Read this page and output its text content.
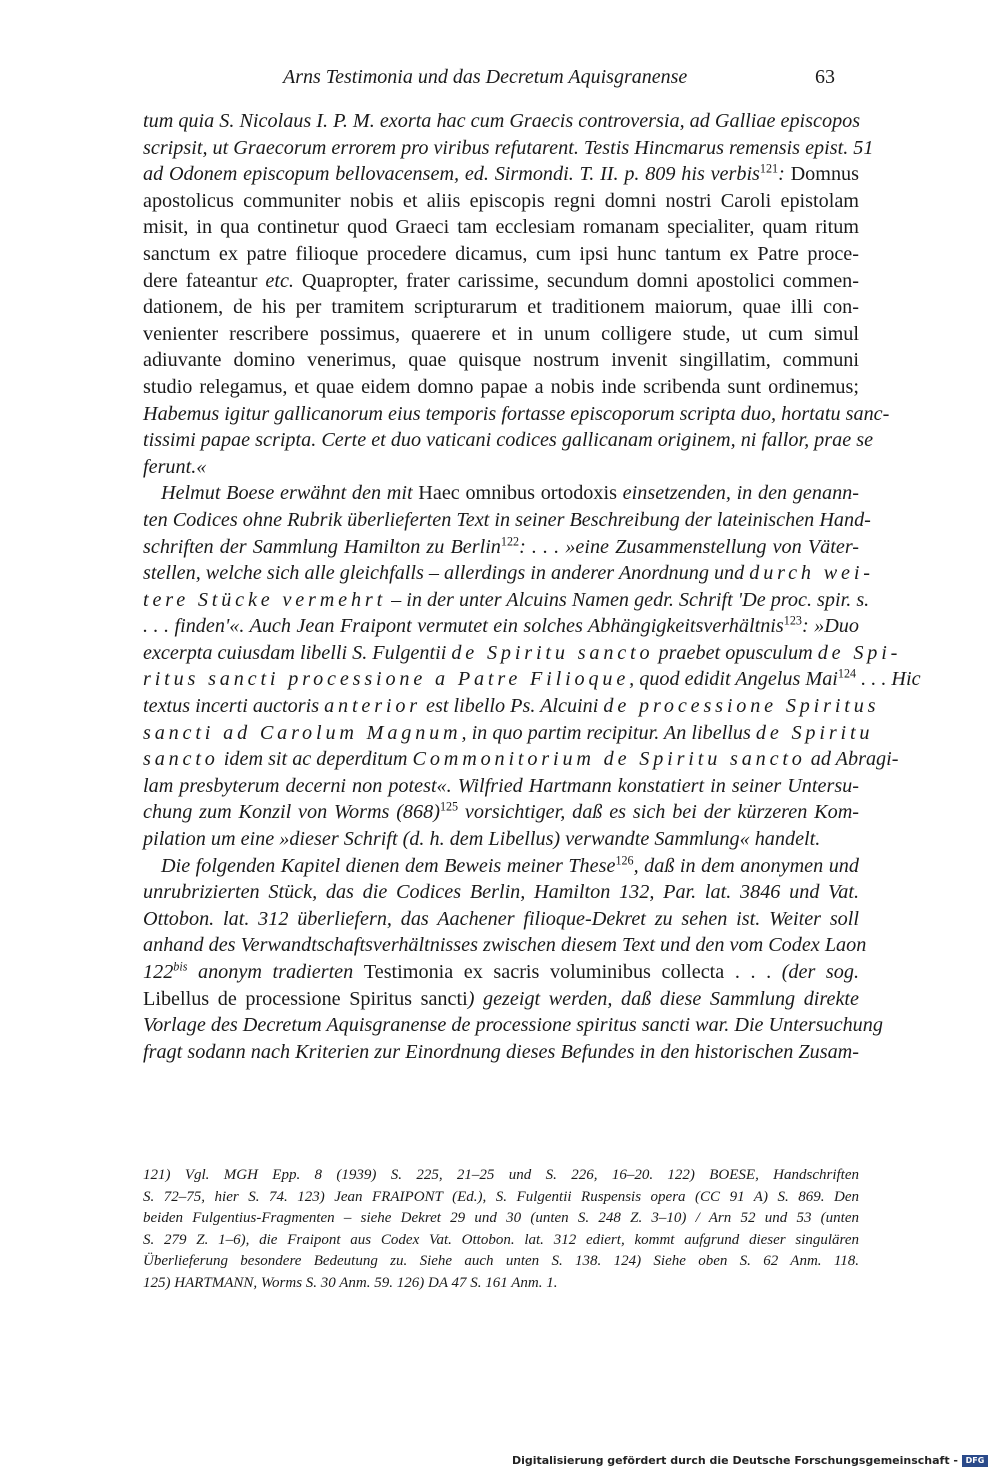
Arns Testimonia und das Decretum Aquisgranense	63
tum quia S. Nicolaus I. P. M. exorta hac cum Graecis controversia, ad Galliae episcopos
scripsit, ut Graecorum errorem pro viribus refutarent. Testis Hincmarus remensis epist. 51
ad Odonem episcopum bellovacensem, ed. Sirmondi. T. II. p. 809 his verbis$^{121}$: Domnus
apostolicus communiter nobis et aliis episcopis regni domni nostri Caroli epistolam
misit, in qua continetur quod Graeci tam ecclesiam romanam specialiter, quam ritum
sanctum ex patre filioque procedere dicamus, cum ipsi hunc tantum ex Patre proce-
dere fateantur etc. Quapropter, frater carissime, secundum domni apostolici commen-
dationem, de his per tramitem scripturarum et traditionem maiorum, quae illi con-
venienter rescribere possimus, quaerere et in unum colligere stude, ut cum simul
adiuvante domino venerimus, quae quisque nostrum invenit singillatim, communi
studio relegamus, et quae eidem domno papae a nobis inde scribenda sunt ordinemus;
Habemus igitur gallicanorum eius temporis fortasse episcoporum scripta duo, hortatu sanc-
tissimi papae scripta. Certe et duo vaticani codices gallicanam originem, ni fallor, prae se
ferunt.«
Helmut Boese erwähnt den mit Haec omnibus ortodoxis einsetzenden, in den genann-
ten Codices ohne Rubrik überlieferten Text in seiner Beschreibung der lateinischen Hand-
schriften der Sammlung Hamilton zu Berlin$^{122}$: . . . »eine Zusammenstellung von Väter-
stellen, welche sich alle gleichfalls – allerdings in anderer Anordnung und durch wei-
tere Stücke vermehrt – in der unter Alcuins Namen gedr. Schrift 'De proc. spir. s.
. . . finden'«. Auch Jean Fraipont vermutet ein solches Abhängigkeitsverhältnis$^{123}$: »Duo
excerpta cuiusdam libelli S. Fulgentii de Spiritu sancto praebet opusculum de Spi-
ritus sancti processione a Patre Filioque, quod edidit Angelus Mai$^{124}$ . . . Hic
textus incerti auctoris anterior est libello Ps. Alcuini de processione Spiritus
sancti ad Carolum Magnum, in quo partim recipitur. An libellus de Spiritu
sancto idem sit ac deperditum Commonitorium de Spiritu sancto ad Abragi-
lam presbyterum decerni non potest«. Wilfried Hartmann konstatiert in seiner Untersu-
chung zum Konzil von Worms $(868)^{125}$ vorsichtiger, daß es sich bei der kürzeren Kom-
pilation um eine »dieser Schrift (d. h. dem Libellus) verwandte Sammlung« handelt.
Die folgenden Kapitel dienen dem Beweis meiner These$^{126}$, daß in dem anonymen und
unrubrizierten Stück, das die Codices Berlin, Hamilton 132, Par. lat. 3846 und Vat.
Ottobon. lat. 312 überliefern, das Aachener filioque-Dekret zu sehen ist. Weiter soll
anhand des Verwandtschaftsverhältnisses zwischen diesem Text und den vom Codex Laon
$122^{bis}$ anonym tradierten Testimonia ex sacris voluminibus collecta . . . (der sog.
Libellus de processione Spiritus sancti) gezeigt werden, daß diese Sammlung direkte
Vorlage des Decretum Aquisgranense de processione spiritus sancti war. Die Untersuchung
fragt sodann nach Kriterien zur Einordnung dieses Befundes in den historischen Zusam-
121) Vgl. MGH Epp. 8 (1939) S. 225, 21–25 und S. 226, 16–20. 122) BOESE, Handschriften
S. 72–75, hier S. 74. 123) Jean FRAIPONT (Ed.), S. Fulgentii Ruspensis opera (CC 91 A) S. 869. Den
beiden Fulgentius-Fragmenten – siehe Dekret 29 und 30 (unten S. 248 Z. 3–10) / Arn 52 und 53 (unten
S. 279 Z. 1–6), die Fraipont aus Codex Vat. Ottobon. lat. 312 ediert, kommt aufgrund dieser singulären
Überlieferung besondere Bedeutung zu. Siehe auch unten S. 138. 124) Siehe oben S. 62 Anm. 118.
125) HARTMANN, Worms S. 30 Anm. 59. 126) DA 47 S. 161 Anm. 1.
Digitalisierung gefördert durch die Deutsche Forschungsgemeinschaft - DFG
